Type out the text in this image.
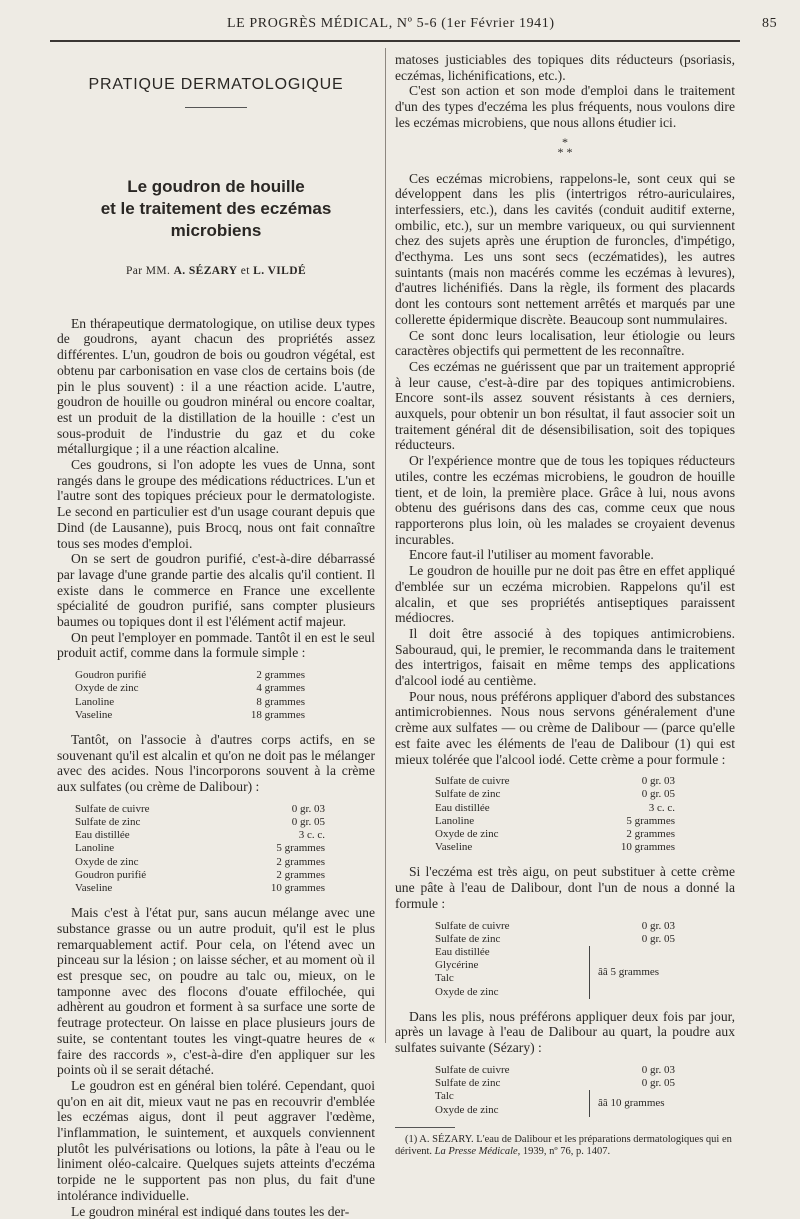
LE PROGRÈS MÉDICAL, Nº 5-6 (1er Février 1941)	85
PRATIQUE DERMATOLOGIQUE
Le goudron de houille
et le traitement des eczémas microbiens
Par MM. A. SÉZARY et L. VILDÉ

En thérapeutique dermatologique, on utilise deux types de goudrons, ayant chacun des propriétés assez différentes. L'un, goudron de bois ou goudron végétal, est obtenu par carbonisation en vase clos de certains bois (de pin le plus souvent) : il a une réaction acide. L'autre, goudron de houille ou goudron minéral ou encore coaltar, est un produit de la distillation de la houille : c'est un sous-produit de l'industrie du gaz et du coke métallurgique ; il a une réaction alcaline.

Ces goudrons, si l'on adopte les vues de Unna, sont rangés dans le groupe des médications réductrices. L'un et l'autre sont des topiques précieux pour le dermatologiste. Le second en particulier est d'un usage courant depuis que Dind (de Lausanne), puis Brocq, nous ont fait connaître tous ses modes d'emploi.

On se sert de goudron purifié, c'est-à-dire débarrassé par lavage d'une grande partie des alcalis qu'il contient. Il existe dans le commerce en France une excellente spécialité de goudron purifié, sans compter plusieurs baumes ou topiques dont il est l'élément actif majeur.

On peut l'employer en pommade. Tantôt il en est le seul produit actif, comme dans la formule simple :

Goudron purifié	2 grammes
Oxyde de zinc	4 grammes
Lanoline	8 grammes
Vaseline	18 grammes

Tantôt, on l'associe à d'autres corps actifs, en se souvenant qu'il est alcalin et qu'on ne doit pas le mélanger avec des acides. Nous l'incorporons souvent à la crème aux sulfates (ou crème de Dalibour) :

Sulfate de cuivre	0 gr. 03
Sulfate de zinc	0 gr. 05
Eau distillée	3 c. c.
Lanoline	5 grammes
Oxyde de zinc	2 grammes
Goudron purifié	2 grammes
Vaseline	10 grammes

Mais c'est à l'état pur, sans aucun mélange avec une substance grasse ou un autre produit, qu'il est le plus remarquablement actif. Pour cela, on l'étend avec un pinceau sur la lésion ; on laisse sécher, et au moment où il est presque sec, on poudre au talc ou, mieux, on le tamponne avec des flocons d'ouate effilochée, qui adhèrent au goudron et forment à sa surface une sorte de feutrage protecteur. On laisse en place plusieurs jours de suite, se contentant toutes les vingt-quatre heures de « faire des raccords », c'est-à-dire d'en appliquer sur les points où il se serait détaché.

Le goudron est en général bien toléré. Cependant, quoi qu'on en ait dit, mieux vaut ne pas en recouvrir d'emblée les eczémas aigus, dont il peut aggraver l'œdème, l'inflammation, le suintement, et auxquels conviennent plutôt les pulvérisations ou lotions, la pâte à l'eau ou le liniment oléo-calcaire. Quelques sujets atteints d'eczéma torpide ne le supportent pas non plus, du fait d'une intolérance individuelle.

Le goudron minéral est indiqué dans toutes les der-

matoses justiciables des topiques dits réducteurs (psoriasis, eczémas, lichénifications, etc.).

C'est son action et son mode d'emploi dans le traitement d'un des types d'eczéma les plus fréquents, nous voulons dire les eczémas microbiens, que nous allons étudier ici.

*
* *

Ces eczémas microbiens, rappelons-le, sont ceux qui se développent dans les plis (intertrigos rétro-auriculaires, interfessiers, etc.), dans les cavités (conduit auditif externe, ombilic, etc.), sur un membre variqueux, ou qui surviennent chez des sujets après une éruption de furoncles, d'impétigo, d'ecthyma. Les uns sont secs (eczématides), les autres suintants (mais non macérés comme les eczémas à levures), d'autres lichénifiés. Dans la règle, ils forment des placards dont les contours sont nettement arrêtés et marqués par une collerette épidermique discrète. Beaucoup sont nummulaires.

Ce sont donc leurs localisation, leur étiologie ou leurs caractères objectifs qui permettent de les reconnaître.

Ces eczémas ne guérissent que par un traitement approprié à leur cause, c'est-à-dire par des topiques antimicrobiens. Encore sont-ils assez souvent résistants à ces derniers, auxquels, pour obtenir un bon résultat, il faut associer soit un traitement général dit de désensibilisation, soit des topiques réducteurs.

Or l'expérience montre que de tous les topiques réducteurs utiles, contre les eczémas microbiens, le goudron de houille tient, et de loin, la première place. Grâce à lui, nous avons obtenu des guérisons dans des cas, comme ceux que nous rapporterons plus loin, où les malades se croyaient devenus incurables.

Encore faut-il l'utiliser au moment favorable.

Le goudron de houille pur ne doit pas être en effet appliqué d'emblée sur un eczéma microbien. Rappelons qu'il est alcalin, et que ses propriétés antiseptiques paraissent médiocres.

Il doit être associé à des topiques antimicrobiens. Sabouraud, qui, le premier, le recommanda dans le traitement des intertrigos, faisait en même temps des applications d'alcool iodé au centième.

Pour nous, nous préférons appliquer d'abord des substances antimicrobiennes. Nous nous servons généralement d'une crème aux sulfates — ou crème de Dalibour — (parce qu'elle est faite avec les éléments de l'eau de Dalibour (1) qui est mieux tolérée que l'alcool iodé. Cette crème a pour formule :

Sulfate de cuivre	0 gr. 03
Sulfate de zinc	0 gr. 05
Eau distillée	3 c. c.
Lanoline	5 grammes
Oxyde de zinc	2 grammes
Vaseline	10 grammes

Si l'eczéma est très aigu, on peut substituer à cette crème une pâte à l'eau de Dalibour, dont l'un de nous a donné la formule :

Sulfate de cuivre	0 gr. 03
Sulfate de zinc	0 gr. 05
Eau distillée
Glycérine
Talc
Oxyde de zinc
ââ 5 grammes

Dans les plis, nous préférons appliquer deux fois par jour, après un lavage à l'eau de Dalibour au quart, la poudre aux sulfates suivante (Sézary) :

Sulfate de cuivre	0 gr. 03
Sulfate de zinc	0 gr. 05
Talc
Oxyde de zinc
ââ 10 grammes

(1) A. SÉZARY. L'eau de Dalibour et les préparations dermatologiques qui en dérivent. La Presse Médicale, 1939, nº 76, p. 1407.
